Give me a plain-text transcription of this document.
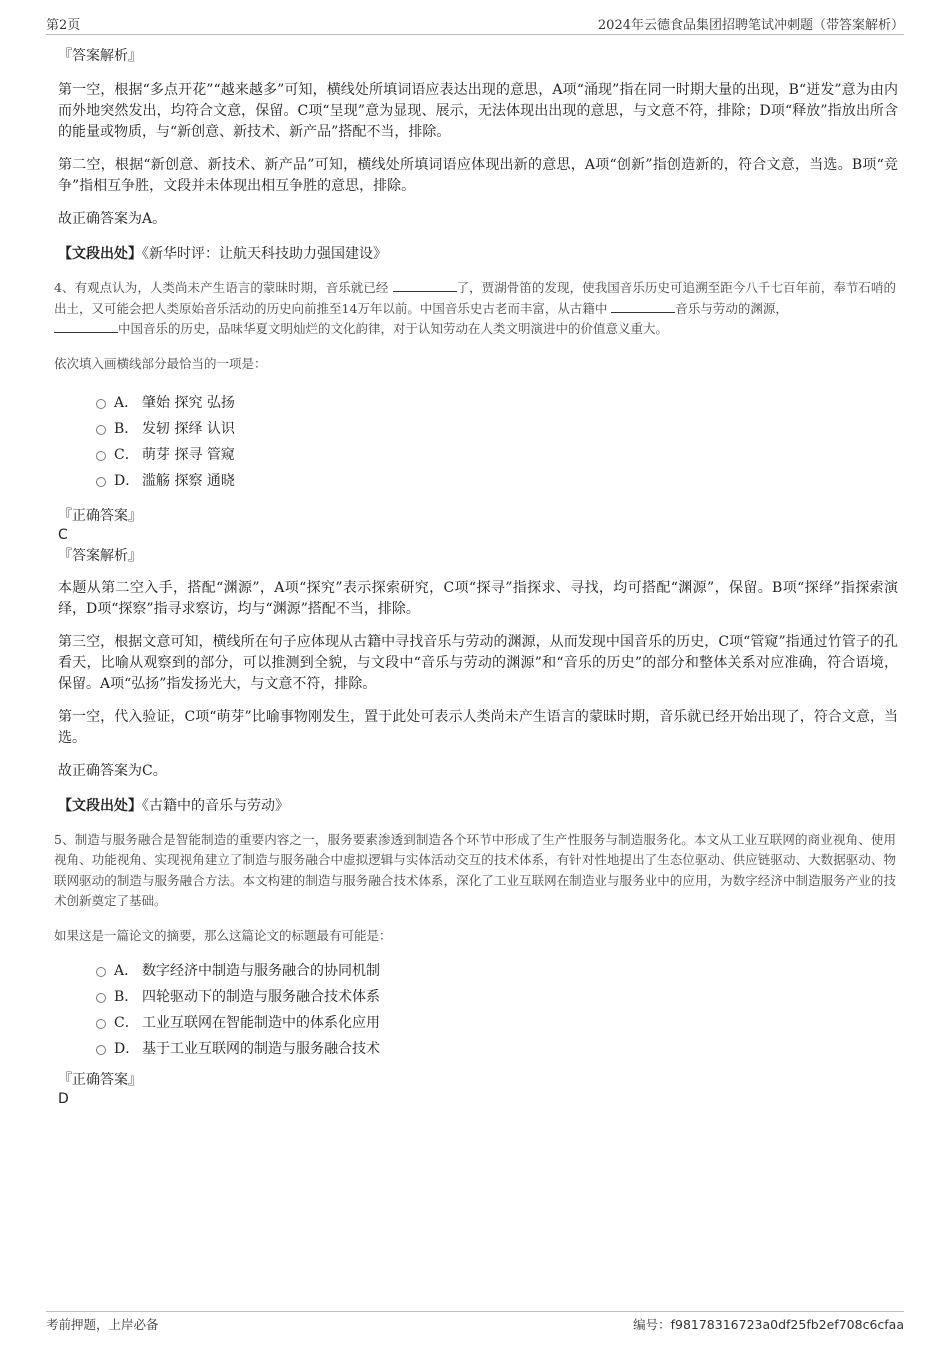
第2页	2024年云德食品集团招聘笔试冲刺题（带答案解析）

『答案解析』

第一空，根据“多点开花”“越来越多”可知，横线处所填词语应表达出现的意思，A项“涌现”指在同一时期大量的出现，B“迸发”意为由内而外地突然发出，均符合文意，保留。C项“呈现”意为显现、展示，无法体现出出现的意思，与文意不符，排除；D项“释放”指放出所含的能量或物质，与“新创意、新技术、新产品”搭配不当，排除。

第二空，根据“新创意、新技术、新产品”可知，横线处所填词语应体现出新的意思，A项“创新”指创造新的，符合文意，当选。B项“竞争”指相互争胜，文段并未体现出相互争胜的意思，排除。

故正确答案为A。

【文段出处】《新华时评：让航天科技助力强国建设》

4、有观点认为，人类尚未产生语言的蒙昧时期，音乐就已经	了，贾湖骨笛的发现，使我国音乐历史可追溯至距今八千七百年前，奉节石哨的出土，又可能会把人类原始音乐活动的历史向前推至14万年以前。中国音乐史古老而丰富，从古籍中	音乐与劳动的渊源，
中国音乐的历史，品味华夏文明灿烂的文化韵律，对于认知劳动在人类文明演进中的价值意义重大。

依次填入画横线部分最恰当的一项是：

A． 肇始 探究 弘扬
B． 发轫 探绎 认识
C． 萌芽 探寻 管窥
D． 滥觞 探察 通晓

『正确答案』

C

『答案解析』

本题从第二空入手，搭配“渊源”，A项“探究”表示探索研究，C项“探寻”指探求、寻找，均可搭配“渊源”，保留。B项“探绎”指探索演绎，D项“探察”指寻求察访，均与“渊源”搭配不当，排除。

第三空，根据文意可知，横线所在句子应体现从古籍中寻找音乐与劳动的渊源，从而发现中国音乐的历史，C项“管窥”指通过竹管子的孔看天，比喻从观察到的部分，可以推测到全貌，与文段中“音乐与劳动的渊源”和“音乐的历史”的部分和整体关系对应准确，符合语境，保留。A项“弘扬”指发扬光大，与文意不符，排除。

第一空，代入验证，C项“萌芽”比喻事物刚发生，置于此处可表示人类尚未产生语言的蒙昧时期，音乐就已经开始出现了，符合文意，当选。

故正确答案为C。

【文段出处】《古籍中的音乐与劳动》

5、制造与服务融合是智能制造的重要内容之一，服务要素渗透到制造各个环节中形成了生产性服务与制造服务化。本文从工业互联网的商业视角、使用视角、功能视角、实现视角建立了制造与服务融合中虚拟逻辑与实体活动交互的技术体系，有针对性地提出了生态位驱动、供应链驱动、大数据驱动、物联网驱动的制造与服务融合方法。本文构建的制造与服务融合技术体系，深化了工业互联网在制造业与服务业中的应用，为数字经济中制造服务产业的技术创新奠定了基础。

如果这是一篇论文的摘要，那么这篇论文的标题最有可能是：

A． 数字经济中制造与服务融合的协同机制
B． 四轮驱动下的制造与服务融合技术体系
C． 工业互联网在智能制造中的体系化应用
D． 基于工业互联网的制造与服务融合技术

『正确答案』

D

考前押题，上岸必备	编号：f98178316723a0df25fb2ef708c6cfaa
